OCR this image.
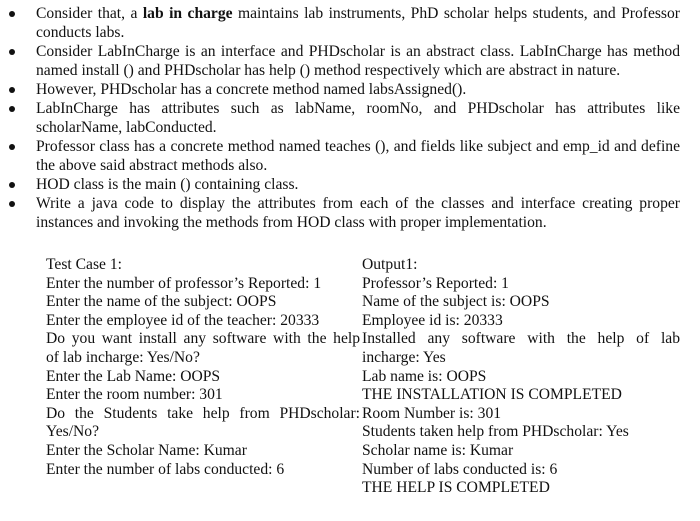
Consider that, a lab in charge maintains lab instruments, PhD scholar helps students, and Professor conducts labs.
Consider LabInCharge is an interface and PHDscholar is an abstract class. LabInCharge has method named install () and PHDscholar has help () method respectively which are abstract in nature.
However, PHDscholar has a concrete method named labsAssigned().
LabInCharge has attributes such as labName, roomNo, and PHDscholar has attributes like scholarName, labConducted.
Professor class has a concrete method named teaches (), and fields like subject and emp_id and define the above said abstract methods also.
HOD class is the main () containing class.
Write a java code to display the attributes from each of the classes and interface creating proper instances and invoking the methods from HOD class with proper implementation.
Test Case 1:
Enter the number of professor’s Reported: 1
Enter the name of the subject: OOPS
Enter the employee id of the teacher: 20333
Do you want install any software with the help
of lab incharge: Yes/No?
Enter the Lab Name: OOPS
Enter the room number: 301
Do the Students take help from PHDscholar:
Yes/No?
Enter the Scholar Name: Kumar
Enter the number of labs conducted: 6
Output1:
Professor’s Reported: 1
Name of the subject is: OOPS
Employee id is: 20333
Installed any software with the help of lab
incharge: Yes
Lab name is: OOPS
THE INSTALLATION IS COMPLETED
Room Number is: 301
Students taken help from PHDscholar: Yes
Scholar name is: Kumar
Number of labs conducted is: 6
THE HELP IS COMPLETED
